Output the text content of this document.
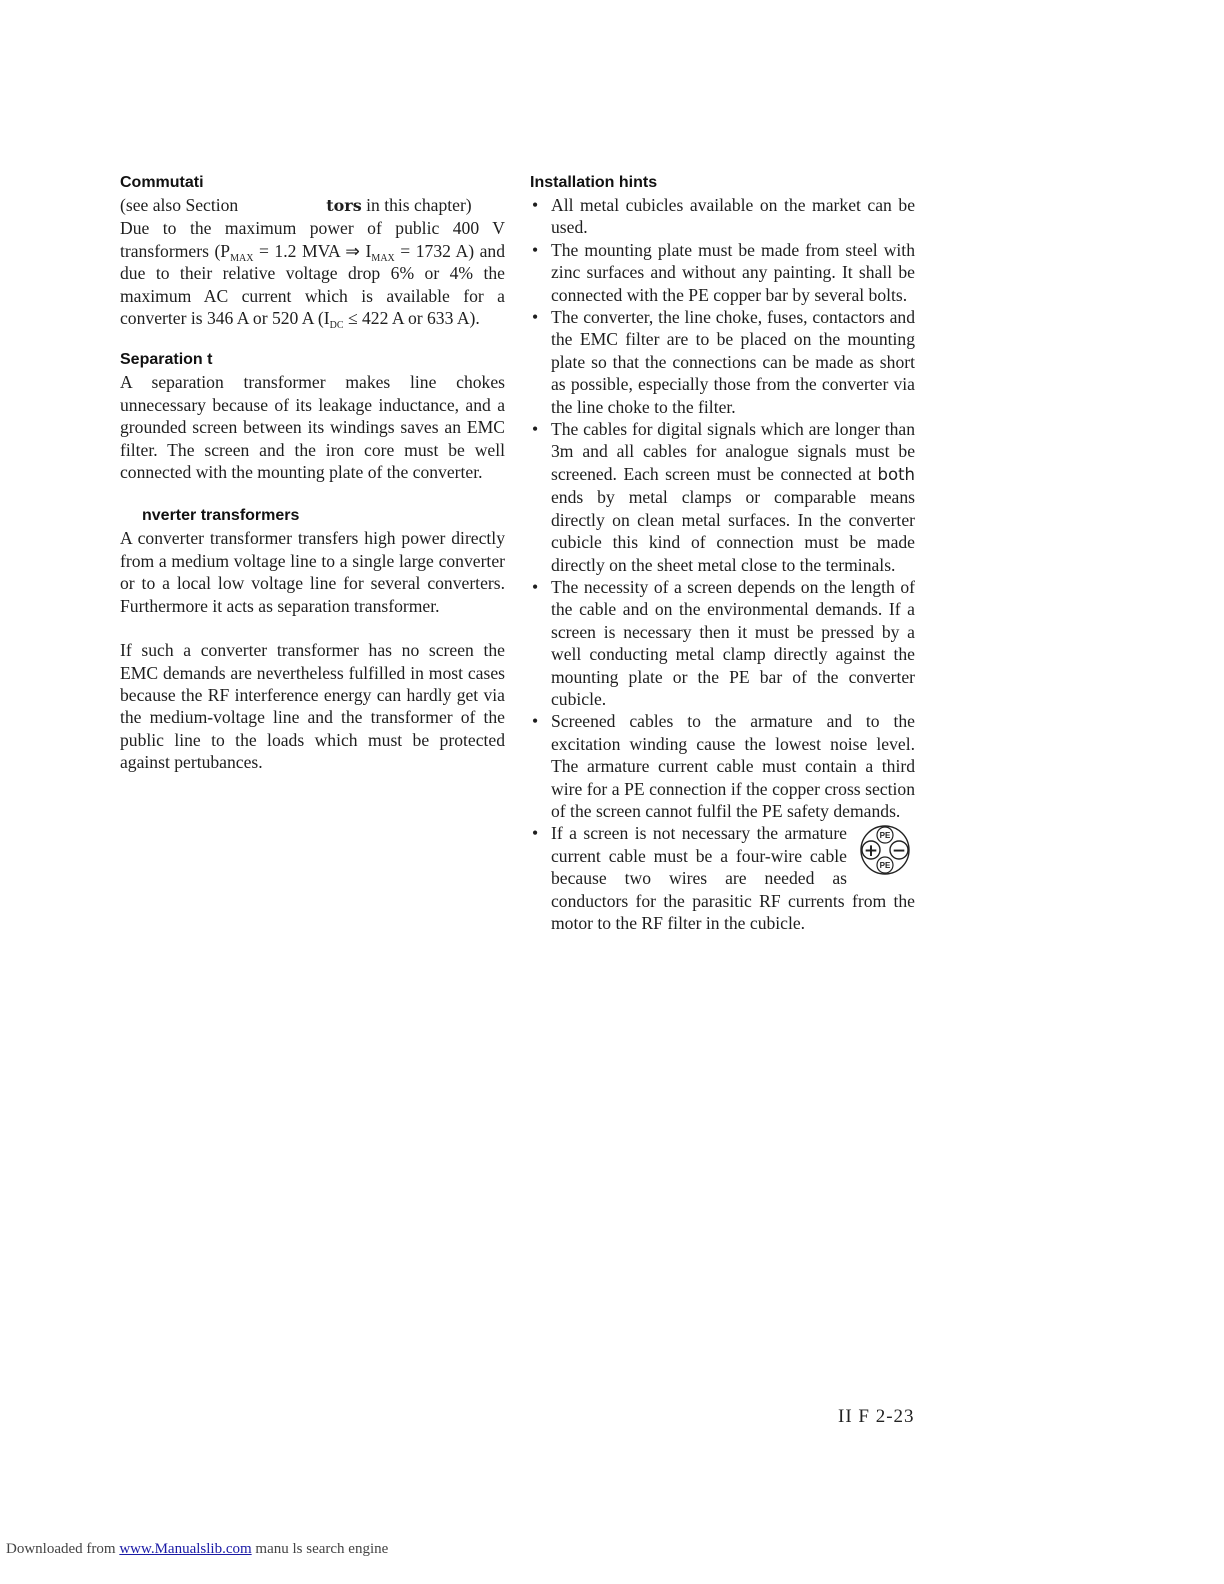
Commutati

(see also Section	tors in this chapter)

Due to the maximum power of public 400 V transformers ($P_{MAX} = 1.2$ MVA ⇒ $I_{MAX} = 1732$ A) and due to their relative voltage drop 6% or 4% the maximum AC current which is available for a converter is 346 A or 520 A ($I_{DC} \le 422$ A or 633 A).

Separation t

A separation transformer makes line chokes unnecessary because of its leakage inductance, and a grounded screen between its windings saves an EMC filter. The screen and the iron core must be well connected with the mounting plate of the converter.

nverter transformers

A converter transformer transfers high power directly from a medium voltage line to a single large converter or to a local low voltage line for several converters. Furthermore it acts as separation transformer.

If such a converter transformer has no screen the EMC demands are nevertheless fulfilled in most cases because the RF interference energy can hardly get via the medium-voltage line and the transformer of the public line to the loads which must be protected against pertubances.

Installation hints
• All metal cubicles available on the market can be used.
• The mounting plate must be made from steel with zinc surfaces and without any painting. It shall be connected with the PE copper bar by several bolts.
• The converter, the line choke, fuses, contactors and the EMC filter are to be placed on the mounting plate so that the connections can be made as short as possible, especially those from the converter via the line choke to the filter.
• The cables for digital signals which are longer than 3m and all cables for analogue signals must be screened. Each screen must be connected at both ends by metal clamps or comparable means directly on clean metal surfaces. In the converter cubicle this kind of connection must be made directly on the sheet metal close to the terminals.
• The necessity of a screen depends on the length of the cable and on the environmental demands. If a screen is necessary then it must be pressed by a well conducting metal clamp directly against the mounting plate or the PE bar of the converter cubicle.
• Screened cables to the armature and to the excitation winding cause the lowest noise level. The armature current cable must contain a third wire for a PE connection if the copper cross section of the screen cannot fulfil the PE safety demands.
• PE
PE
+ −
If a screen is not necessary the armature current cable must be a four-wire cable because two wires are needed as conductors for the parasitic RF currents from the motor to the RF filter in the cubicle.
II F 2-23
Downloaded from www.Manualslib.com manu ls search engine
